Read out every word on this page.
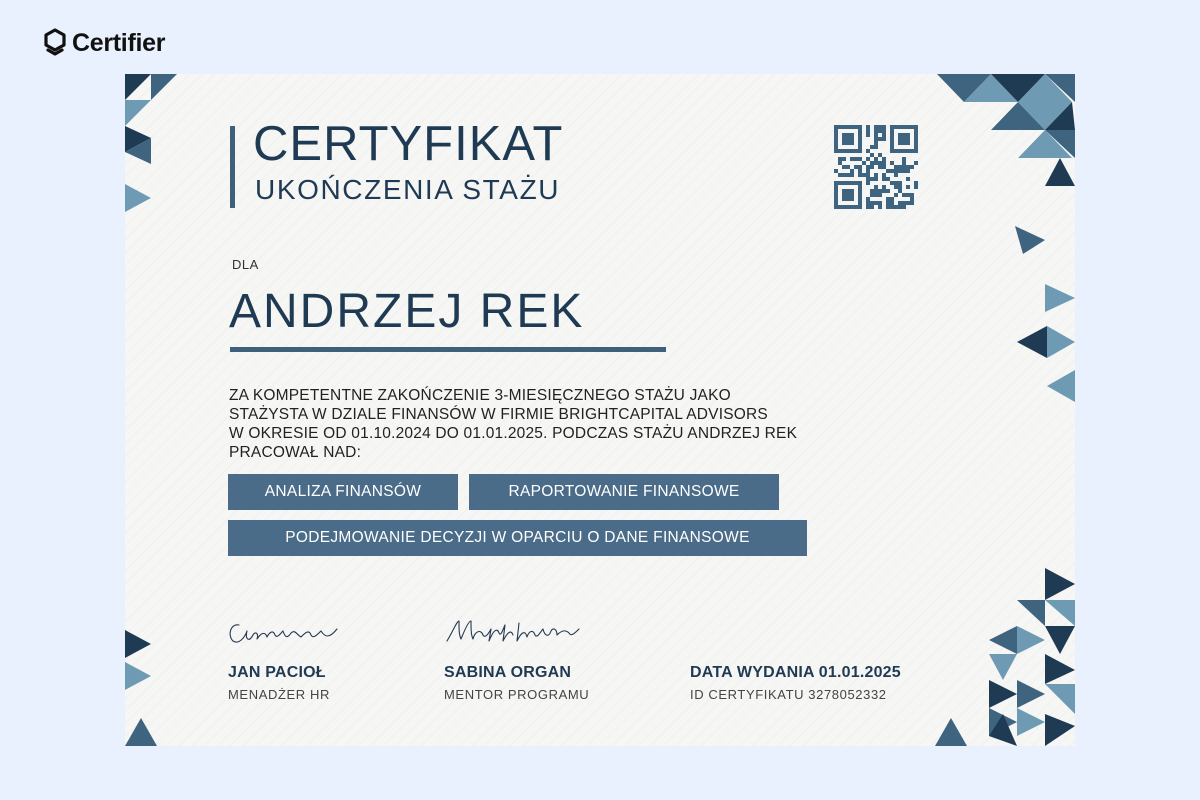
Certifier
CERTYFIKAT
UKOŃCZENIA STAŻU
DLA
ANDRZEJ REK
ZA KOMPETENTNE ZAKOŃCZENIE 3-MIESIĘCZNEGO STAŻU JAKO
STAŻYSTA W DZIALE FINANSÓW W FIRMIE BRIGHTCAPITAL ADVISORS
W OKRESIE OD 01.10.2024 DO 01.01.2025. PODCZAS STAŻU ANDRZEJ REK
PRACOWAŁ NAD:
ANALIZA FINANSÓW	RAPORTOWANIE FINANSOWE
PODEJMOWANIE DECYZJI W OPARCIU O DANE FINANSOWE
JAN PACIOŁ
MENADŻER HR
SABINA ORGAN
MENTOR PROGRAMU
DATA WYDANIA 01.01.2025
ID CERTYFIKATU 3278052332
